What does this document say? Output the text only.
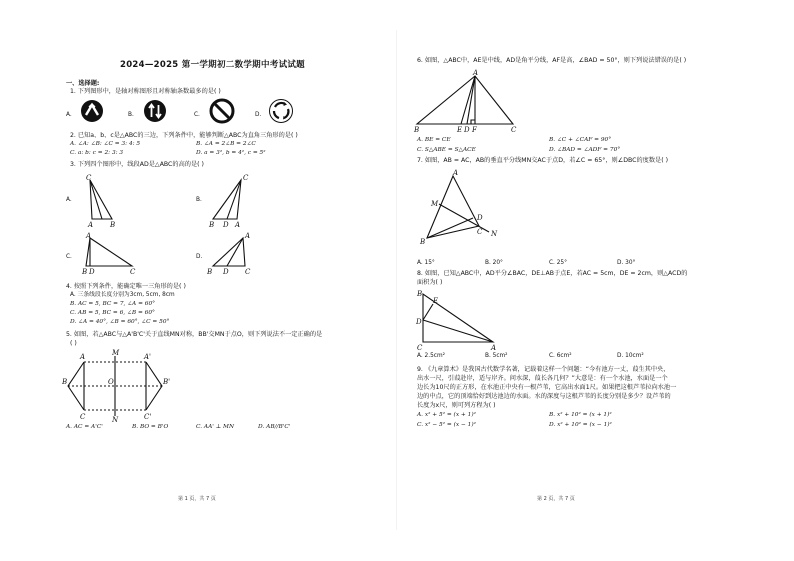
2024—2025 第一学期初二数学期中考试试题
一、选择题:
1. 下列图形中，是轴对称图形且对称轴条数最多的是( )
A.	B.	C.	D.
2. 已知a、b、c是△ABC的三边，下列条件中，能够判断△ABC为直角三角形的是( )
A. ∠A: ∠B: ∠C = 3: 4: 5	B. ∠A = 2∠B = 2∠C
C. a: b: c = 2: 3: 3	D. a = 3², b = 4², c = 5²
3. 下列四个图形中，线段AD是△ABC的高的是( )
A.
C
A B
B.
C
B D A
C.
A
B D	C
D.
A
B D C
4. 按照下列条件，能确定唯一三角形的是( )
A. 三条线段长度分别为3cm, 5cm, 8cm
B. AC = 5, BC = 7, ∠A = 60°
C. AB = 5, BC = 6, ∠B = 60°
D. ∠A = 40°, ∠B = 60°, ∠C = 50°
5. 如图，若△ABC与△A'B'C'关于直线MN对称，BB'交MN于点O，则下列说法不一定正确的是
( )
A	M	A'
B	O	B'
C	N	C'
A. AC = A'C'	B. BO = B'O	C. AA' ⊥ MN	D. AB//B'C'
第 1 页，共 7 页
6. 如图，△ABC中，AE是中线，AD是角平分线，AF是高，∠BAD = 50°，则下列说法错误的是( )
A
B	E D F	C
A. BE = CE	B. ∠C + ∠CAF = 90°
C. S△ABE = S△ACE	D. ∠BAD = ∠ADF = 70°
7. 如图，AB = AC，AB的垂直平分线MN交AC于点D，若∠C = 65°，则∠DBC的度数是( )
A
M
D
N
B
C
A. 15°	B. 20°	C. 25°	D. 30°
8. 如图，已知△ABC中，AD平分∠BAC，DE⊥AB于点E，若AC = 5cm，DE = 2cm，则△ACD的
面积为( )
B
E
D
C	A
A. 2.5cm²	B. 5cm²	C. 6cm²	D. 10cm²
9. 《九章算术》是我国古代数学名著，记载着这样一个问题：“今有池方一丈，葭生其中央，
出水一尺，引葭赴岸，适与岸齐。问水深，葭长各几何？”大意是：有一个水池，水面是一个
边长为10尺的正方形，在水池正中央有一根芦苇，它高出水面1尺。如果把这根芦苇拉向水池一
边的中点，它的顶端恰好到达池边的水面。水的深度与这根芦苇的长度分别是多少？设芦苇的
长度为x尺，则可列方程为( )
A. x² + 5² = (x + 1)²	B. x² + 10² = (x + 1)²
C. x² − 5² = (x − 1)²	D. x² + 10² = (x − 1)²
第 2 页，共 7 页
